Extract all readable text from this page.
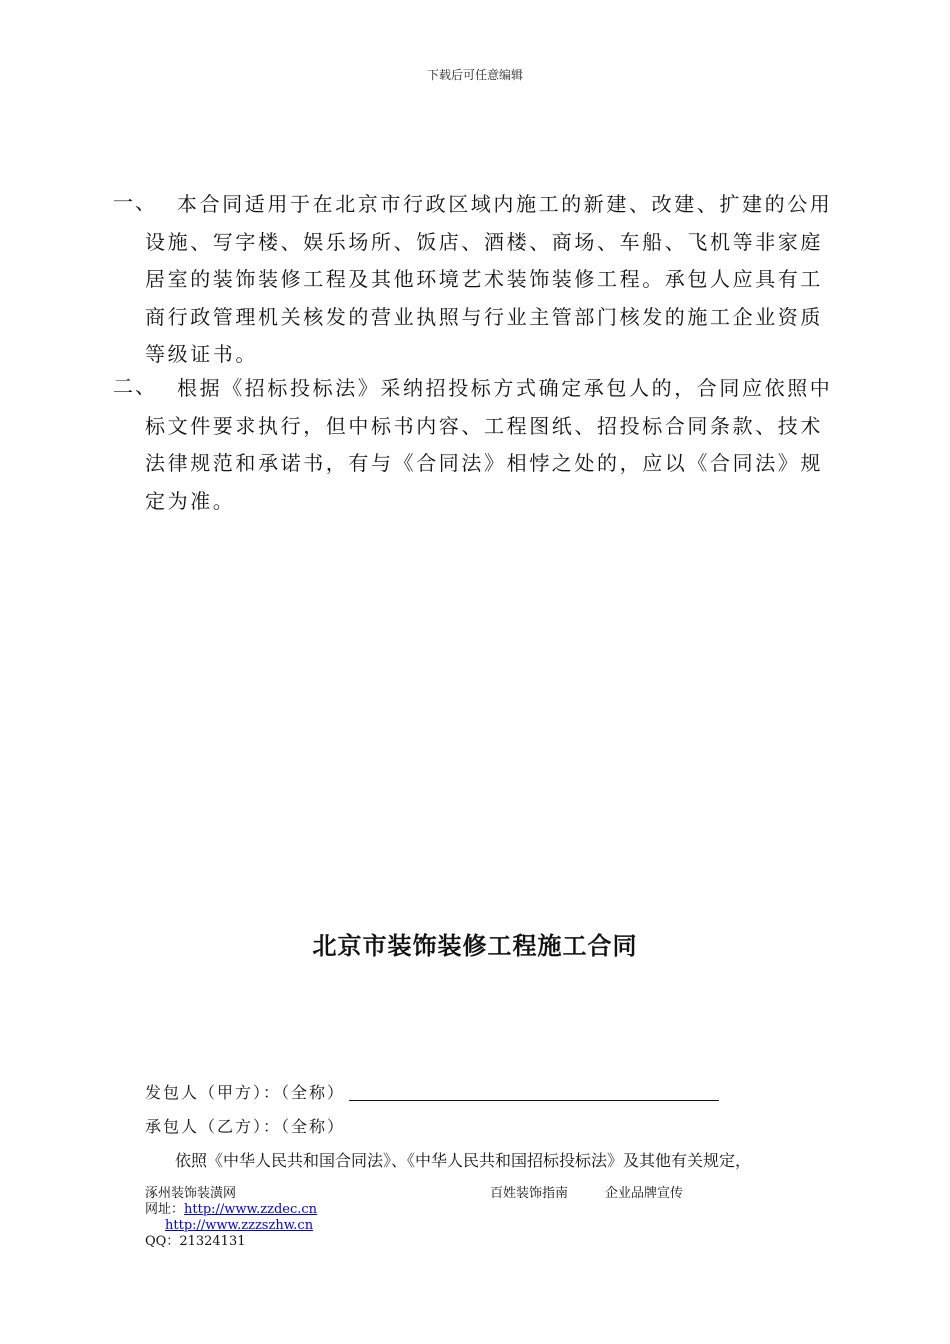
下载后可任意编辑
一、	本合同适用于在北京市行政区域内施工的新建、改建、扩建的公用设施、写字楼、娱乐场所、饭店、酒楼、商场、车船、飞机等非家庭居室的装饰装修工程及其他环境艺术装饰装修工程。承包人应具有工商行政管理机关核发的营业执照与行业主管部门核发的施工企业资质等级证书。
二、	根据《招标投标法》采纳招投标方式确定承包人的，合同应依照中标文件要求执行，但中标书内容、工程图纸、招投标合同条款、技术法律规范和承诺书，有与《合同法》相悖之处的，应以《合同法》规定为准。
北京市装饰装修工程施工合同
发包人（甲方）：（全称）
承包人（乙方）：（全称）
依照《中华人民共和国合同法》、《中华人民共和国招标投标法》及其他有关规定，
涿州装饰装潢网	百姓装饰指南	企业品牌宣传
网址：http://www.zzdec.cn
http://www.zzzszhw.cn
QQ：21324131
